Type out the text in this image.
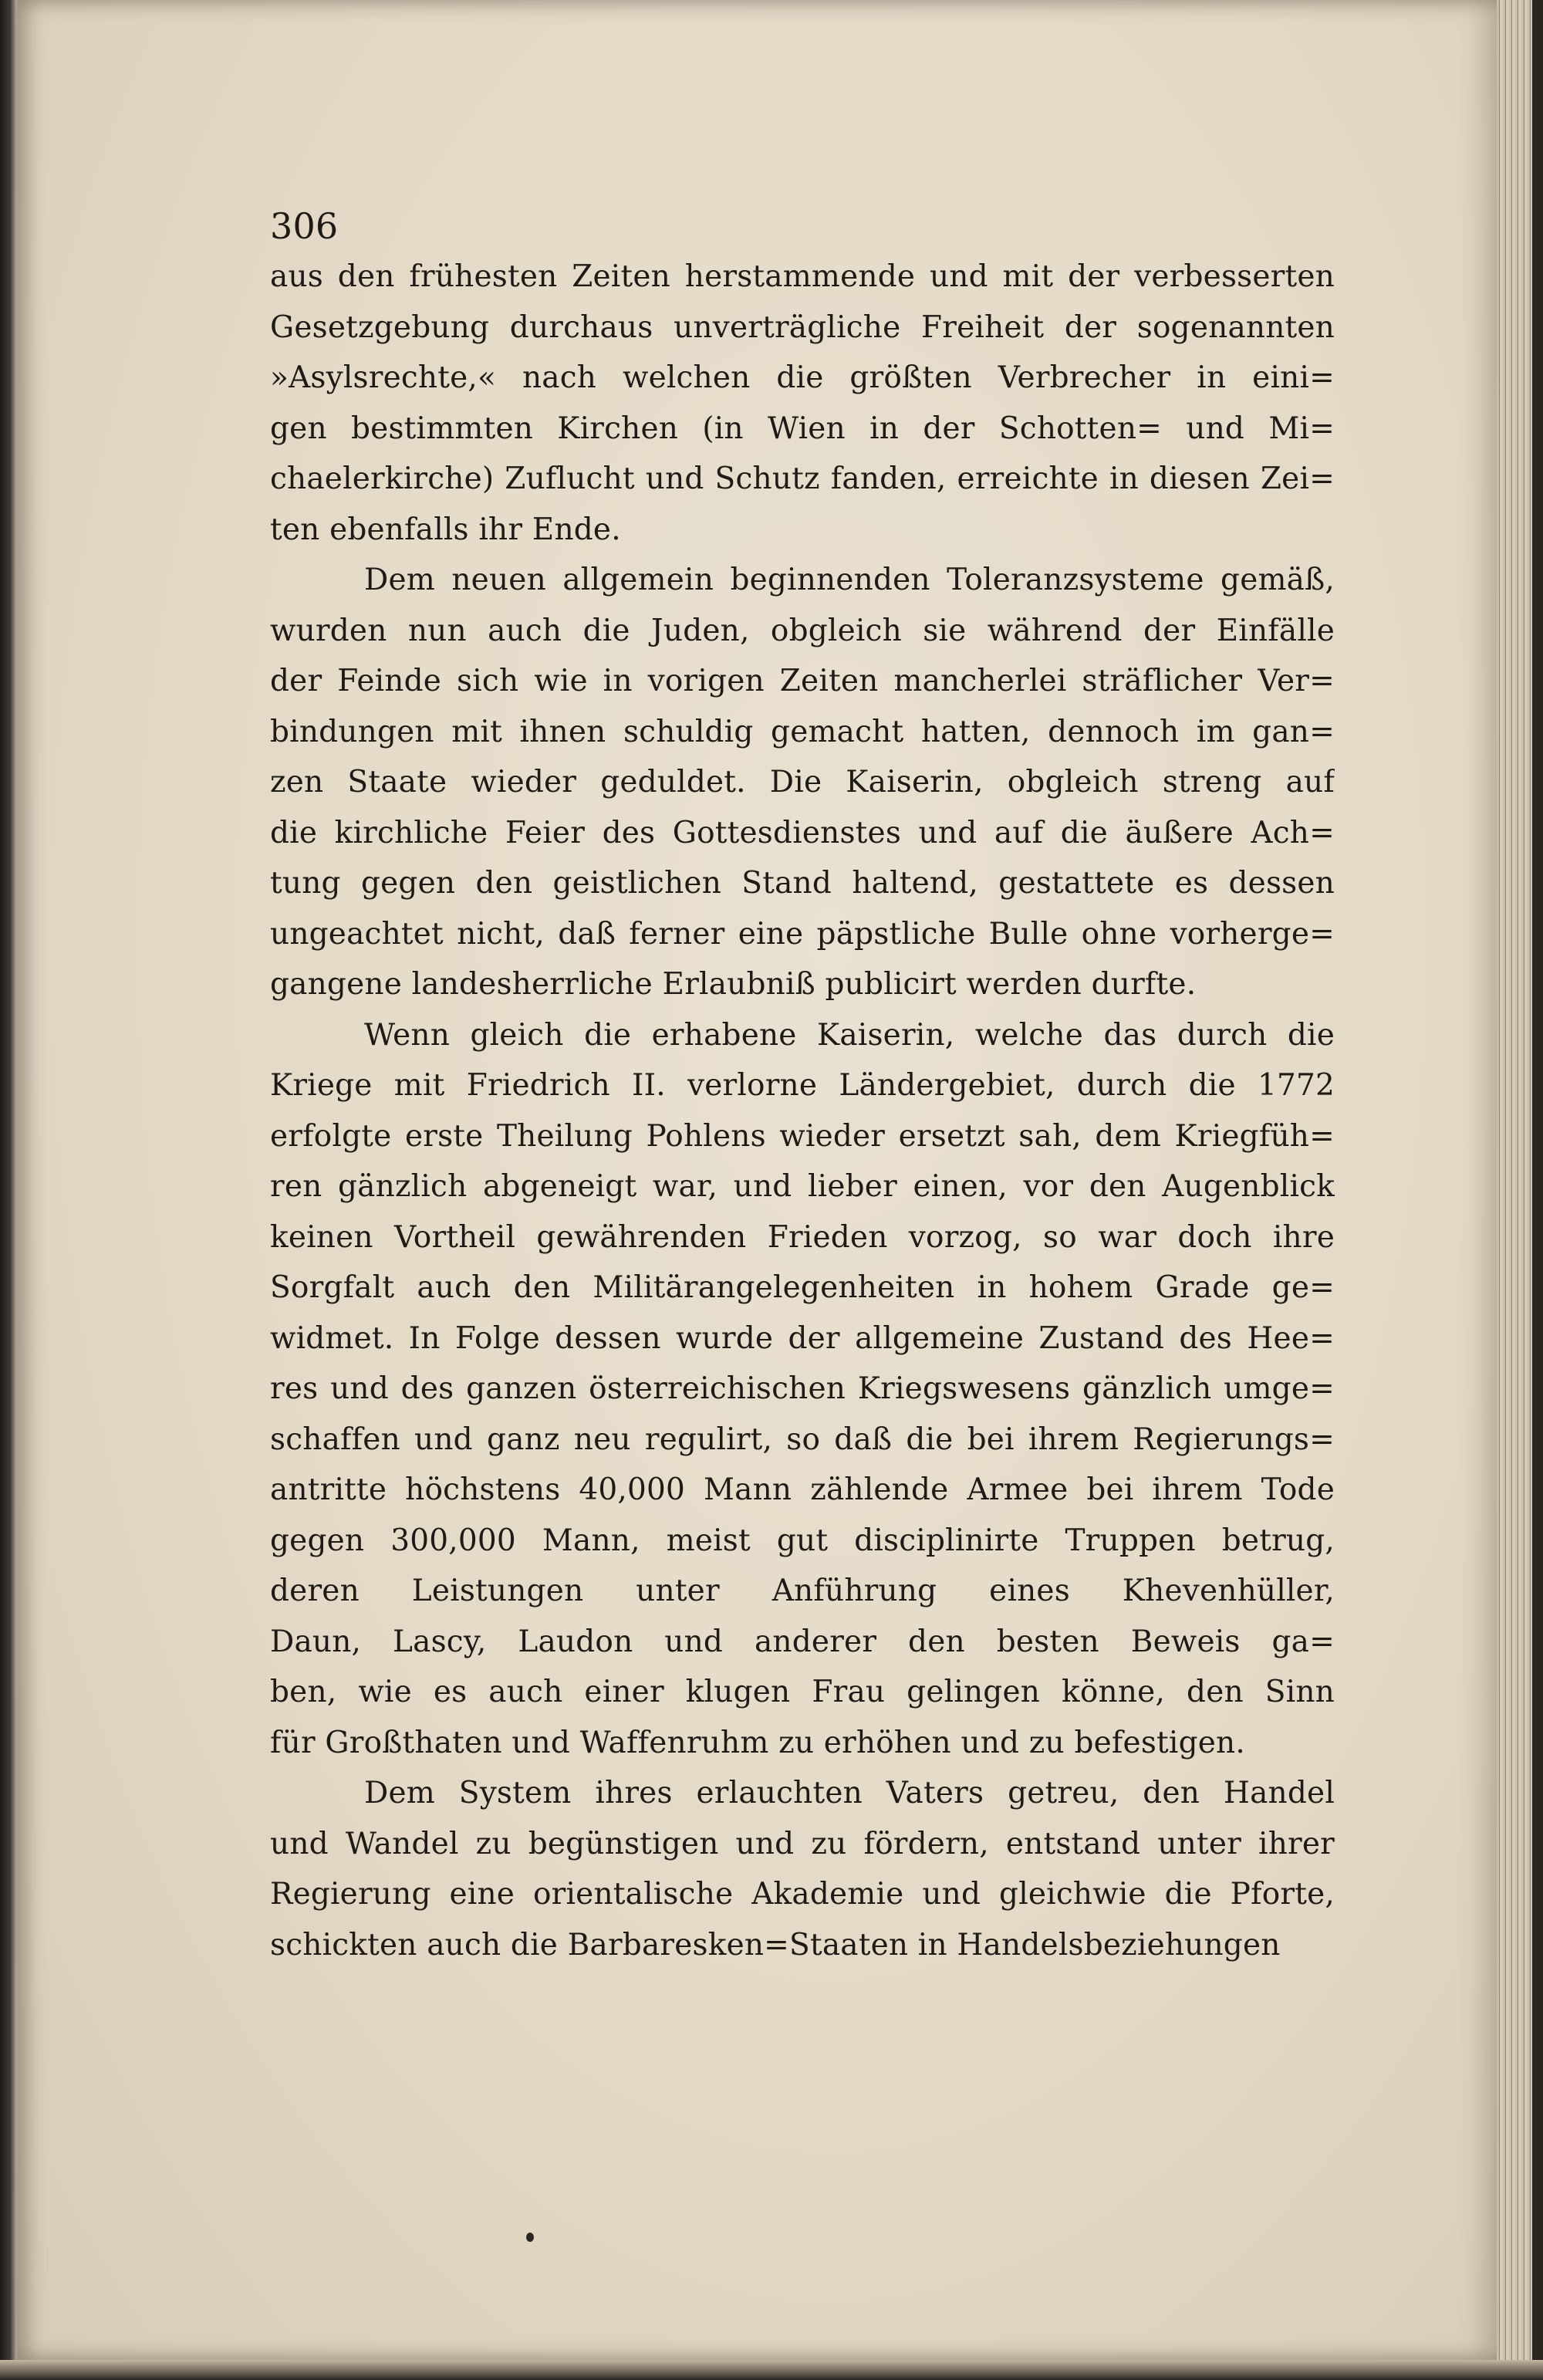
306
aus den frühesten Zeiten herstammende und mit der verbesserten
Gesetzgebung durchaus unverträgliche Freiheit der sogenannten
»Asylsrechte,« nach welchen die größten Verbrecher in eini=
gen bestimmten Kirchen (in Wien in der Schotten= und Mi=
chaelerkirche) Zuflucht und Schutz fanden, erreichte in diesen Zei=
ten ebenfalls ihr Ende.
Dem neuen allgemein beginnenden Toleranzsysteme gemäß,
wurden nun auch die Juden, obgleich sie während der Einfälle
der Feinde sich wie in vorigen Zeiten mancherlei sträflicher Ver=
bindungen mit ihnen schuldig gemacht hatten, dennoch im gan=
zen Staate wieder geduldet. Die Kaiserin, obgleich streng auf
die kirchliche Feier des Gottesdienstes und auf die äußere Ach=
tung gegen den geistlichen Stand haltend, gestattete es dessen
ungeachtet nicht, daß ferner eine päpstliche Bulle ohne vorherge=
gangene landesherrliche Erlaubniß publicirt werden durfte.
Wenn gleich die erhabene Kaiserin, welche das durch die
Kriege mit Friedrich II. verlorne Ländergebiet, durch die 1772
erfolgte erste Theilung Pohlens wieder ersetzt sah, dem Kriegfüh=
ren gänzlich abgeneigt war, und lieber einen, vor den Augenblick
keinen Vortheil gewährenden Frieden vorzog, so war doch ihre
Sorgfalt auch den Militärangelegenheiten in hohem Grade ge=
widmet. In Folge dessen wurde der allgemeine Zustand des Hee=
res und des ganzen österreichischen Kriegswesens gänzlich umge=
schaffen und ganz neu regulirt, so daß die bei ihrem Regierungs=
antritte höchstens 40,000 Mann zählende Armee bei ihrem Tode
gegen 300,000 Mann, meist gut disciplinirte Truppen betrug,
deren Leistungen unter Anführung eines Khevenhüller,
Daun, Lascy, Laudon und anderer den besten Beweis ga=
ben, wie es auch einer klugen Frau gelingen könne, den Sinn
für Großthaten und Waffenruhm zu erhöhen und zu befestigen.
Dem System ihres erlauchten Vaters getreu, den Handel
und Wandel zu begünstigen und zu fördern, entstand unter ihrer
Regierung eine orientalische Akademie und gleichwie die Pforte,
schickten auch die Barbaresken=Staaten in Handelsbeziehungen
